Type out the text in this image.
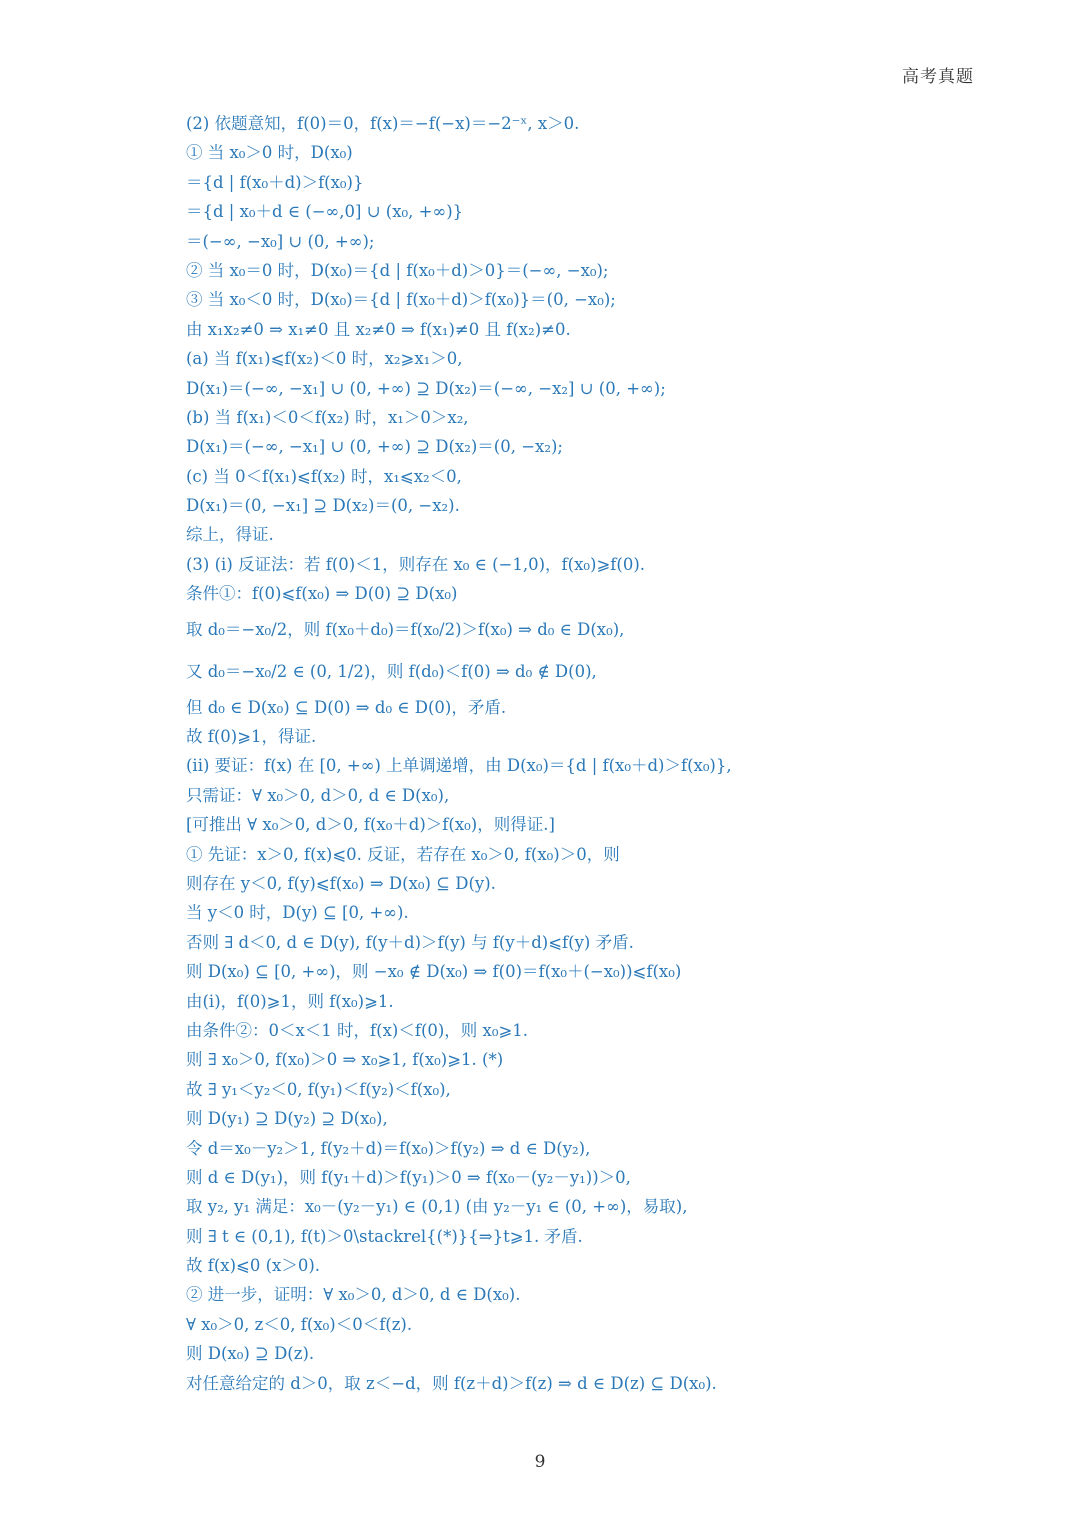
高考真题
(2) 依题意知，f(0)＝0，f(x)＝−f(−x)＝−2⁻ˣ, x＞0.
① 当 x₀＞0 时，D(x₀)
＝{d | f(x₀＋d)＞f(x₀)}
＝{d | x₀＋d ∈ (−∞,0] ∪ (x₀, +∞)}
＝(−∞, −x₀] ∪ (0, +∞);
② 当 x₀＝0 时，D(x₀)＝{d | f(x₀＋d)＞0}＝(−∞, −x₀);
③ 当 x₀＜0 时，D(x₀)＝{d | f(x₀＋d)＞f(x₀)}＝(0, −x₀);
由 x₁x₂≠0 ⇒ x₁≠0 且 x₂≠0 ⇒ f(x₁)≠0 且 f(x₂)≠0.
(a) 当 f(x₁)⩽f(x₂)＜0 时，x₂⩾x₁＞0,
D(x₁)＝(−∞, −x₁] ∪ (0, +∞) ⊇ D(x₂)＝(−∞, −x₂] ∪ (0, +∞);
(b) 当 f(x₁)＜0＜f(x₂) 时，x₁＞0＞x₂,
D(x₁)＝(−∞, −x₁] ∪ (0, +∞) ⊇ D(x₂)＝(0, −x₂);
(c) 当 0＜f(x₁)⩽f(x₂) 时，x₁⩽x₂＜0,
D(x₁)＝(0, −x₁] ⊇ D(x₂)＝(0, −x₂).
综上，得证.
(3) (i) 反证法：若 f(0)＜1，则存在 x₀ ∈ (−1,0)，f(x₀)⩾f(0).
条件①：f(0)⩽f(x₀) ⇒ D(0) ⊇ D(x₀)
取 d₀＝−x₀/2，则 f(x₀＋d₀)＝f(x₀/2)＞f(x₀) ⇒ d₀ ∈ D(x₀),
又 d₀＝−x₀/2 ∈ (0, 1/2)，则 f(d₀)＜f(0) ⇒ d₀ ∉ D(0),
但 d₀ ∈ D(x₀) ⊆ D(0) ⇒ d₀ ∈ D(0)，矛盾.
故 f(0)⩾1，得证.
(ii) 要证：f(x) 在 [0, +∞) 上单调递增，由 D(x₀)＝{d | f(x₀＋d)＞f(x₀)},
只需证：∀ x₀＞0, d＞0, d ∈ D(x₀),
[可推出 ∀ x₀＞0, d＞0, f(x₀＋d)＞f(x₀)，则得证.]
① 先证：x＞0, f(x)⩽0. 反证，若存在 x₀＞0, f(x₀)＞0，则
则存在 y＜0, f(y)⩽f(x₀) ⇒ D(x₀) ⊆ D(y).
当 y＜0 时，D(y) ⊆ [0, +∞).
否则 ∃ d＜0, d ∈ D(y), f(y＋d)＞f(y) 与 f(y＋d)⩽f(y) 矛盾.
则 D(x₀) ⊆ [0, +∞)，则 −x₀ ∉ D(x₀) ⇒ f(0)＝f(x₀＋(−x₀))⩽f(x₀)
由(i)，f(0)⩾1，则 f(x₀)⩾1.
由条件②：0＜x＜1 时，f(x)＜f(0)，则 x₀⩾1.
则 ∃ x₀＞0, f(x₀)＞0 ⇒ x₀⩾1, f(x₀)⩾1. (*)
故 ∃ y₁＜y₂＜0, f(y₁)＜f(y₂)＜f(x₀),
则 D(y₁) ⊇ D(y₂) ⊇ D(x₀),
令 d＝x₀－y₂＞1, f(y₂＋d)＝f(x₀)＞f(y₂) ⇒ d ∈ D(y₂),
则 d ∈ D(y₁)，则 f(y₁＋d)＞f(y₁)＞0 ⇒ f(x₀－(y₂－y₁))＞0,
取 y₂, y₁ 满足：x₀－(y₂－y₁) ∈ (0,1) (由 y₂－y₁ ∈ (0, +∞)，易取),
则 ∃ t ∈ (0,1), f(t)＞0\stackrel{(*)}{⇒}t⩾1. 矛盾.
故 f(x)⩽0 (x＞0).
② 进一步，证明：∀ x₀＞0, d＞0, d ∈ D(x₀).
∀ x₀＞0, z＜0, f(x₀)＜0＜f(z).
则 D(x₀) ⊇ D(z).
对任意给定的 d＞0，取 z＜−d，则 f(z＋d)＞f(z) ⇒ d ∈ D(z) ⊆ D(x₀).
9
